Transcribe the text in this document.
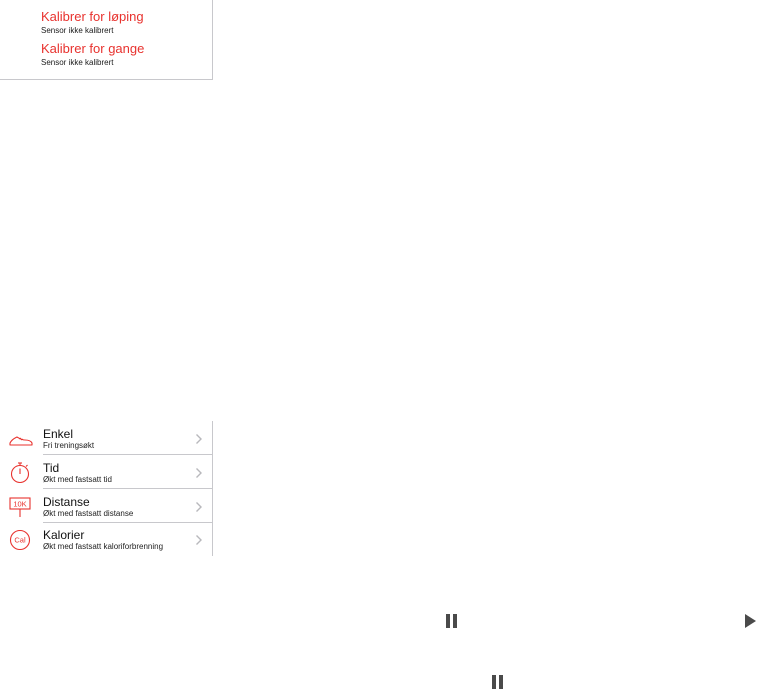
Kalibrer for løping
Sensor ikke kalibrert
Kalibrer for gange
Sensor ikke kalibrert
Enkel
Fri treningsøkt
Tid
Økt med fastsatt tid
10K Distanse
Økt med fastsatt distanse
Cal Kalorier
Økt med fastsatt kaloriforbrenning
